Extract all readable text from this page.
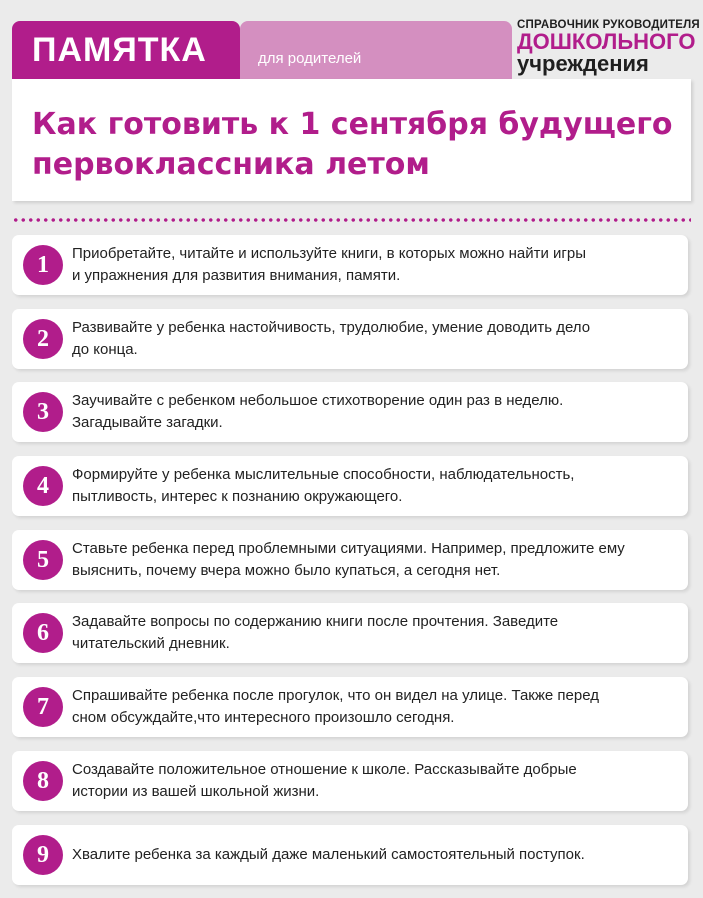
ПАМЯТКА	для родителей
СПРАВОЧНИК РУКОВОДИТЕЛЯ
ДОШКОЛЬНОГО
учреждения
Как готовить к 1 сентября будущего
первоклассника летом
1	Приобретайте, читайте и используйте книги, в которых можно найти игры
и упражнения для развития внимания, памяти.
2	Развивайте у ребенка настойчивость, трудолюбие, умение доводить дело
до конца.
3	Заучивайте с ребенком небольшое стихотворение один раз в неделю.
Загадывайте загадки.
4	Формируйте у ребенка мыслительные способности, наблюдательность,
пытливость, интерес к познанию окружающего.
5	Ставьте ребенка перед проблемными ситуациями. Например, предложите ему
выяснить, почему вчера можно было купаться, а сегодня нет.
6	Задавайте вопросы по содержанию книги после прочтения. Заведите
читательский дневник.
7	Спрашивайте ребенка после прогулок, что он видел на улице. Также перед
сном обсуждайте,что интересного произошло сегодня.
8	Создавайте положительное отношение к школе. Рассказывайте добрые
истории из вашей школьной жизни.
9	Хвалите ребенка за каждый даже маленький самостоятельный поступок.
